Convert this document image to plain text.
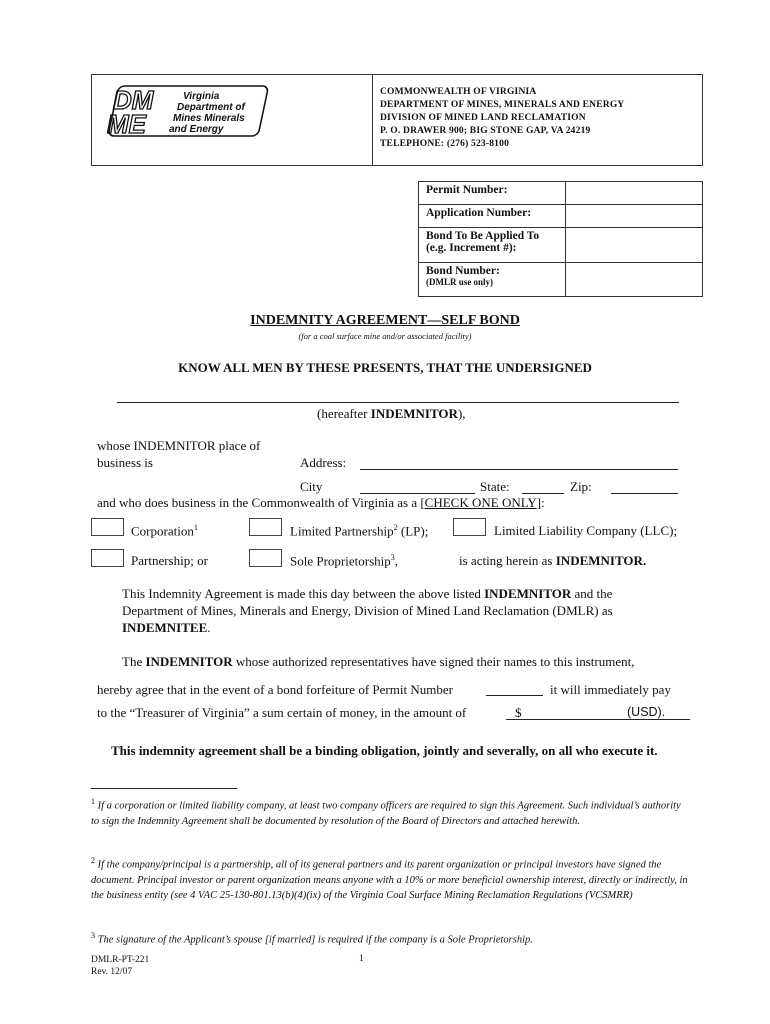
DM
ME
Virginia
Department of
Mines Minerals
and Energy
COMMONWEALTH OF VIRGINIA
DEPARTMENT OF MINES, MINERALS AND ENERGY
DIVISION OF MINED LAND RECLAMATION
P. O. DRAWER 900; BIG STONE GAP, VA 24219
TELEPHONE: (276) 523-8100
Permit Number:	
Application Number:	
Bond To Be Applied To (e.g. Increment #):	

Bond Number:
(DMLR use only)	

INDEMNITY AGREEMENT—SELF BOND
(for a coal surface mine and/or associated facility)
KNOW ALL MEN BY THESE PRESENTS, THAT THE UNDERSIGNED
(hereafter INDEMNITOR),
whose INDEMNITOR place of
business is	Address:
City	State:	Zip:
and who does business in the Commonwealth of Virginia as a [CHECK ONE ONLY]:
Corporation$^1$	Limited Partnership$^2$ (LP);	Limited Liability Company (LLC);
Partnership; or	Sole Proprietorship$^3$,	is acting herein as INDEMNITOR.
This Indemnity Agreement is made this day between the above listed INDEMNITOR and the Department of Mines, Minerals and Energy, Division of Mined Land Reclamation (DMLR) as INDEMNITEE.
The INDEMNITOR whose authorized representatives have signed their names to this instrument,
hereby agree that in the event of a bond forfeiture of Permit Number	it will immediately pay
to the “Treasurer of Virginia” a sum certain of money, in the amount of	$	(USD).
This indemnity agreement shall be a binding obligation, jointly and severally, on all who execute it.
$^1$ If a corporation or limited liability company, at least two company officers are required to sign this Agreement. Such individual’s authority to sign the Indemnity Agreement shall be documented by resolution of the Board of Directors and attached herewith.
$^2$ If the company/principal is a partnership, all of its general partners and its parent organization or principal investors have signed the document. Principal investor or parent organization means anyone with a 10% or more beneficial ownership interest, directly or indirectly, in the business entity (see 4 VAC 25-130-801.13(b)(4)(ix) of the Virginia Coal Surface Mining Reclamation Regulations (VCSMRR)
$^3$ The signature of the Applicant’s spouse [if married] is required if the company is a Sole Proprietorship.
DMLR-PT-221
Rev. 12/07
1
